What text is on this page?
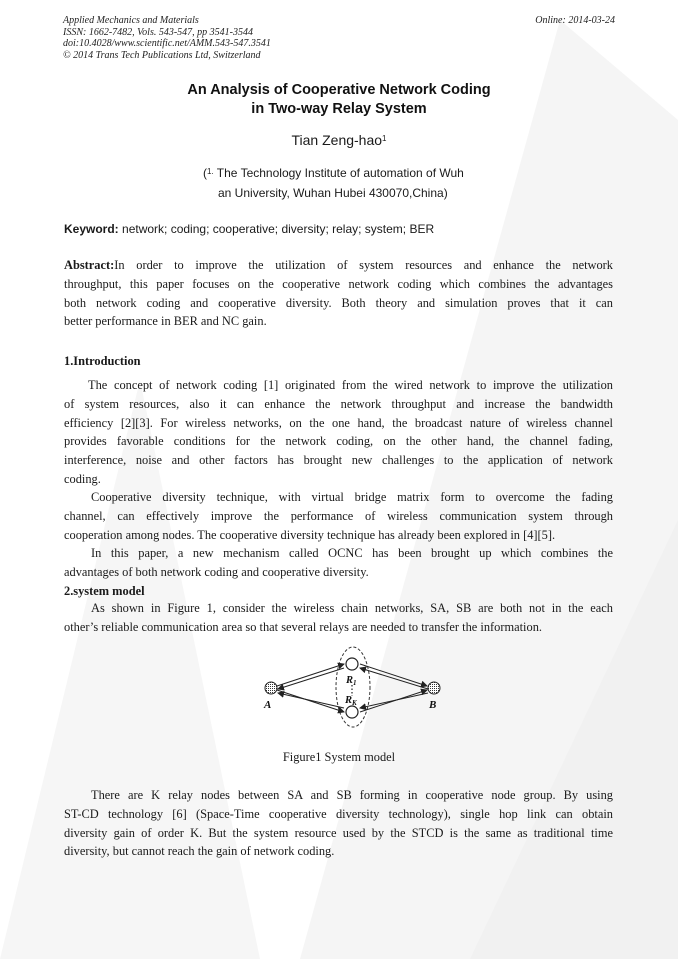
Applied Mechanics and Materials
ISSN: 1662-7482, Vols. 543-547, pp 3541-3544
doi:10.4028/www.scientific.net/AMM.543-547.3541
© 2014 Trans Tech Publications Ltd, Switzerland
Online: 2014-03-24
An Analysis of Cooperative Network Coding
in Two-way Relay System
Tian Zeng-hao$^1$
($^{1.}$ The Technology Institute of automation of Wuh
an University, Wuhan Hubei 430070,China)
Keyword: network; coding; cooperative; diversity; relay; system; BER
Abstract:In order to improve the utilization of system resources and enhance the network
throughput, this paper focuses on the cooperative network coding which combines the advantages
both network coding and cooperative diversity. Both theory and simulation proves that it can
better performance in BER and NC gain.
1.Introduction
The concept of network coding [1] originated from the wired network to improve the utilization
of system resources, also it can enhance the network throughput and increase the bandwidth
efficiency [2][3]. For wireless networks, on the one hand, the broadcast nature of wireless channel
provides favorable conditions for the network coding, on the other hand, the channel fading,
interference, noise and other factors has brought new challenges to the application of network
coding.
Cooperative diversity technique, with virtual bridge matrix form to overcome the fading
channel, can effectively improve the performance of wireless communication system through
cooperation among nodes. The cooperative diversity technique has already been explored in [4][5].
In this paper, a new mechanism called OCNC has been brought up which combines the
advantages of both network coding and cooperative diversity.
2.system model
As shown in Figure 1, consider the wireless chain networks, SA, SB are both not in the each
other’s reliable communication area so that several relays are needed to transfer the information.
A	B
R1
RK
Figure1 System model
There are K relay nodes between SA and SB forming in cooperative node group. By using
ST-CD technology [6] (Space-Time cooperative diversity technology), single hop link can obtain
diversity gain of order K. But the system resource used by the STCD is the same as traditional time
diversity, but cannot reach the gain of network coding.
